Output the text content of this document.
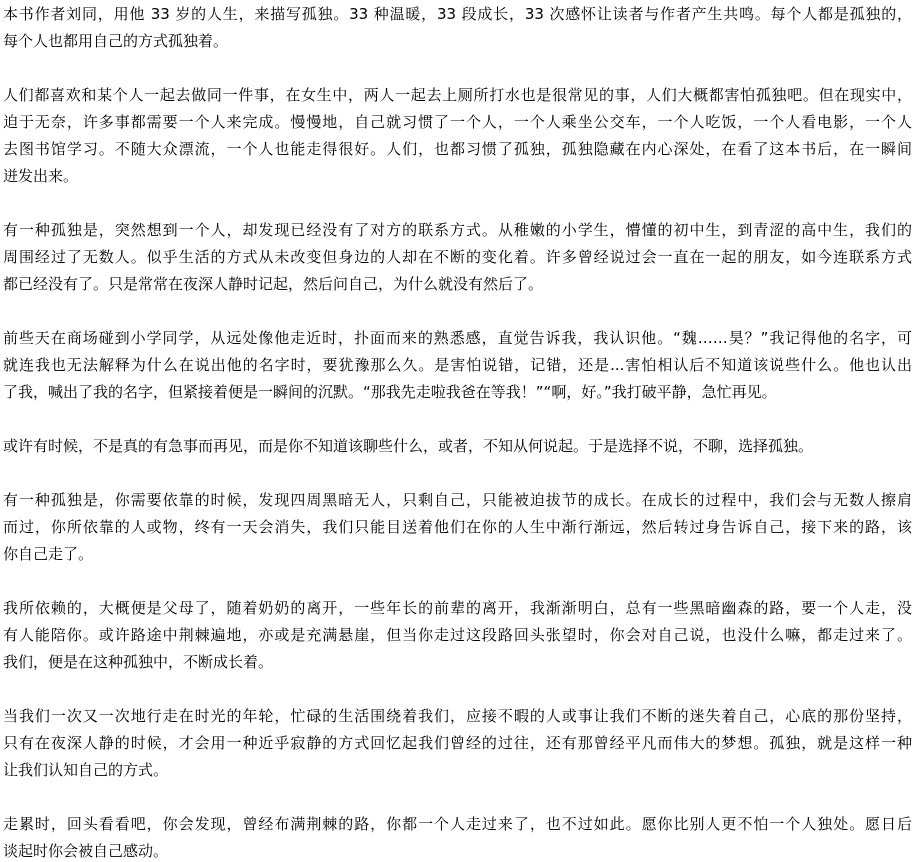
本书作者刘同，用他 33 岁的人生，来描写孤独。33 种温暖，33 段成长，33 次感怀让读者与作者产生共鸣。每个人都是孤独的，
每个人也都用自己的方式孤独着。
人们都喜欢和某个人一起去做同一件事，在女生中，两人一起去上厕所打水也是很常见的事，人们大概都害怕孤独吧。但在现实中，
迫于无奈，许多事都需要一个人来完成。慢慢地，自己就习惯了一个人，一个人乘坐公交车，一个人吃饭，一个人看电影，一个人
去图书馆学习。不随大众漂流，一个人也能走得很好。人们，也都习惯了孤独，孤独隐藏在内心深处，在看了这本书后，在一瞬间
迸发出来。
有一种孤独是，突然想到一个人，却发现已经没有了对方的联系方式。从稚嫩的小学生，懵懂的初中生，到青涩的高中生，我们的
周围经过了无数人。似乎生活的方式从未改变但身边的人却在不断的变化着。许多曾经说过会一直在一起的朋友，如今连联系方式
都已经没有了。只是常常在夜深人静时记起，然后问自己，为什么就没有然后了。
前些天在商场碰到小学同学，从远处像他走近时，扑面而来的熟悉感，直觉告诉我，我认识他。“魏……昊？”我记得他的名字，可
就连我也无法解释为什么在说出他的名字时，要犹豫那么久。是害怕说错，记错，还是...害怕相认后不知道该说些什么。他也认出
了我，喊出了我的名字，但紧接着便是一瞬间的沉默。“那我先走啦我爸在等我！”“啊，好。”我打破平静，急忙再见。
或许有时候，不是真的有急事而再见，而是你不知道该聊些什么，或者，不知从何说起。于是选择不说，不聊，选择孤独。
有一种孤独是，你需要依靠的时候，发现四周黑暗无人，只剩自己，只能被迫拔节的成长。在成长的过程中，我们会与无数人擦肩
而过，你所依靠的人或物，终有一天会消失，我们只能目送着他们在你的人生中渐行渐远，然后转过身告诉自己，接下来的路，该
你自己走了。
我所依赖的，大概便是父母了，随着奶奶的离开，一些年长的前辈的离开，我渐渐明白，总有一些黑暗幽森的路，要一个人走，没
有人能陪你。或许路途中荆棘遍地，亦或是充满悬崖，但当你走过这段路回头张望时，你会对自己说，也没什么嘛，都走过来了。
我们，便是在这种孤独中，不断成长着。
当我们一次又一次地行走在时光的年轮，忙碌的生活围绕着我们，应接不暇的人或事让我们不断的迷失着自己，心底的那份坚持，
只有在夜深人静的时候，才会用一种近乎寂静的方式回忆起我们曾经的过往，还有那曾经平凡而伟大的梦想。孤独，就是这样一种
让我们认知自己的方式。
走累时，回头看看吧，你会发现，曾经布满荆棘的路，你都一个人走过来了，也不过如此。愿你比别人更不怕一个人独处。愿日后
谈起时你会被自己感动。
